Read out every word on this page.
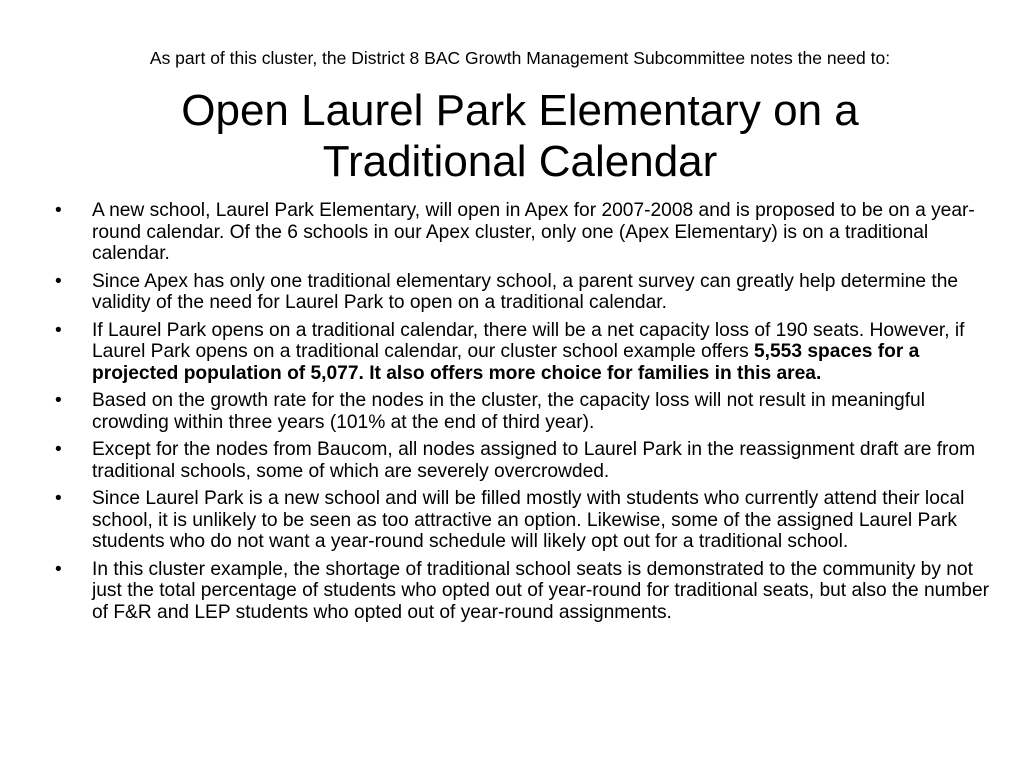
As part of this cluster, the District 8 BAC Growth Management Subcommittee notes the need to:
Open Laurel Park Elementary on a Traditional Calendar
• A new school, Laurel Park Elementary, will open in Apex for 2007-2008 and is proposed to be on a year-round calendar. Of the 6 schools in our Apex cluster, only one (Apex Elementary) is on a traditional calendar.
• Since Apex has only one traditional elementary school, a parent survey can greatly help determine the validity of the need for Laurel Park to open on a traditional calendar.
• If Laurel Park opens on a traditional calendar, there will be a net capacity loss of 190 seats. However, if Laurel Park opens on a traditional calendar, our cluster school example offers 5,553 spaces for a projected population of 5,077. It also offers more choice for families in this area.
• Based on the growth rate for the nodes in the cluster, the capacity loss will not result in meaningful crowding within three years (101% at the end of third year).
• Except for the nodes from Baucom, all nodes assigned to Laurel Park in the reassignment draft are from traditional schools, some of which are severely overcrowded.
• Since Laurel Park is a new school and will be filled mostly with students who currently attend their local school, it is unlikely to be seen as too attractive an option. Likewise, some of the assigned Laurel Park students who do not want a year-round schedule will likely opt out for a traditional school.
• In this cluster example, the shortage of traditional school seats is demonstrated to the community by not just the total percentage of students who opted out of year-round for traditional seats, but also the number of F&R and LEP students who opted out of year-round assignments.
